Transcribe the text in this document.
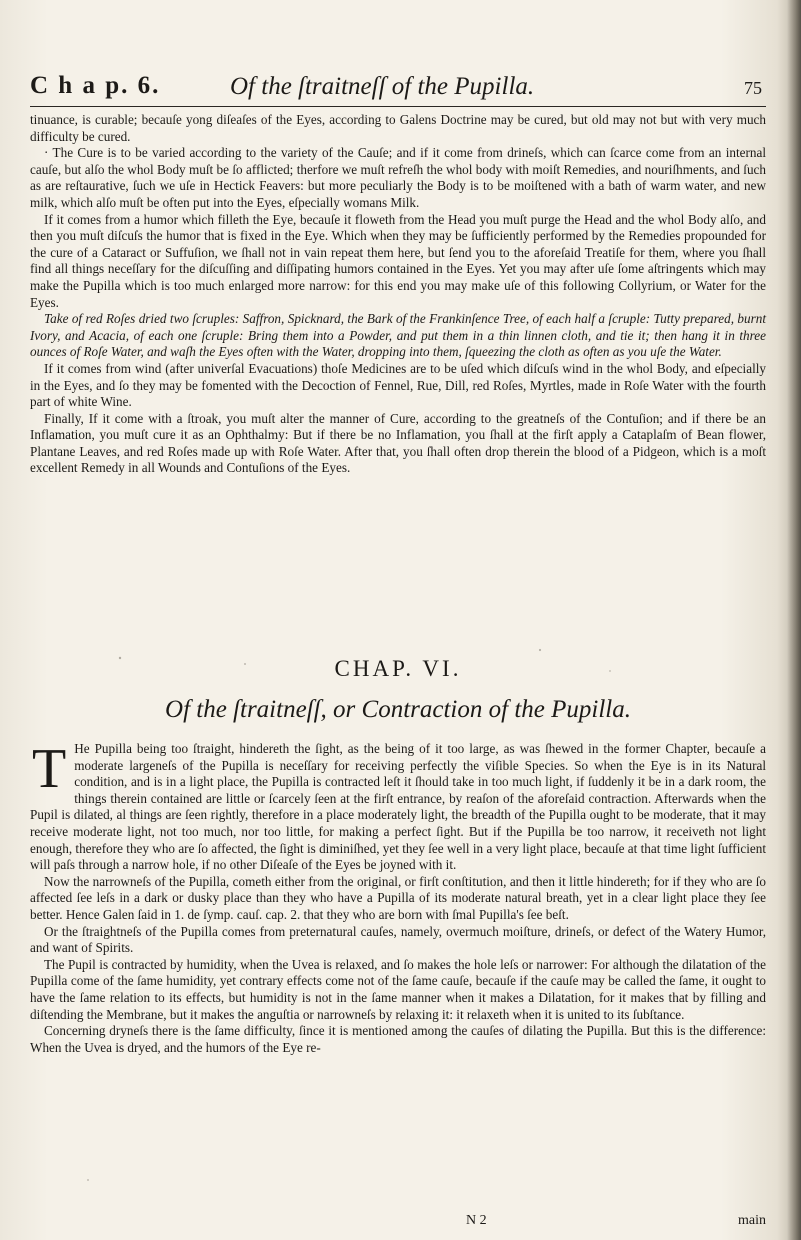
C h a p. 6.	Of the ſtraitneſſ of the Pupilla.	75

tinuance, is curable; becauſe yong diſeaſes of the Eyes, according to Galens Doctrine may be cured, but old may not but with very much difficulty be cured.

· The Cure is to be varied according to the variety of the Cauſe; and if it come from drineſs, which can ſcarce come from an internal cauſe, but alſo the whol Body muſt be ſo afflicted; therfore we muſt refreſh the whol body with moiſt Remedies, and nouriſhments, and ſuch as are reſtaurative, ſuch we uſe in Hectick Feavers: but more peculiarly the Body is to be moiſtened with a bath of warm water, and new milk, which alſo muſt be often put into the Eyes, eſpecially womans Milk.

If it comes from a humor which filleth the Eye, becauſe it floweth from the Head you muſt purge the Head and the whol Body alſo, and then you muſt diſcuſs the humor that is fixed in the Eye. Which when they may be ſufficiently performed by the Remedies propounded for the cure of a Cataract or Suffuſion, we ſhall not in vain repeat them here, but ſend you to the aforeſaid Treatiſe for them, where you ſhall find all things neceſſary for the diſcuſſing and diſſipating humors contained in the Eyes. Yet you may after uſe ſome aſtringents which may make the Pupilla which is too much enlarged more narrow: for this end you may make uſe of this following Collyrium, or Water for the Eyes.

Take of red Roſes dried two ſcruples: Saffron, Spicknard, the Bark of the Frankinſence Tree, of each half a ſcruple: Tutty prepared, burnt Ivory, and Acacia, of each one ſcruple: Bring them into a Powder, and put them in a thin linnen cloth, and tie it; then hang it in three ounces of Roſe Water, and waſh the Eyes often with the Water, dropping into them, ſqueezing the cloth as often as you uſe the Water.

If it comes from wind (after univerſal Evacuations) thoſe Medicines are to be uſed which diſcuſs wind in the whol Body, and eſpecially in the Eyes, and ſo they may be fomented with the Decoction of Fennel, Rue, Dill, red Roſes, Myrtles, made in Roſe Water with the fourth part of white Wine.

Finally, If it come with a ſtroak, you muſt alter the manner of Cure, according to the greatneſs of the Contuſion; and if there be an Inflamation, you muſt cure it as an Ophthalmy: But if there be no Inflamation, you ſhall at the firſt apply a Cataplaſm of Bean flower, Plantane Leaves, and red Roſes made up with Roſe Water. After that, you ſhall often drop therein the blood of a Pidgeon, which is a moſt excellent Remedy in all Wounds and Contuſions of the Eyes.

CHAP. VI.
Of the ſtraitneſſ, or Contraction of the Pupilla.

T He Pupilla being too ſtraight, hindereth the ſight, as the being of it too large, as was ſhewed in the former Chapter, becauſe a moderate largeneſs of the Pupilla is neceſſary for receiving perfectly the viſible Species. So when the Eye is in its Natural condition, and is in a light place, the Pupilla is contracted leſt it ſhould take in too much light, if ſuddenly it be in a dark room, the things therein contained are little or ſcarcely ſeen at the firſt entrance, by reaſon of the aforeſaid contraction. Afterwards when the Pupil is dilated, al things are ſeen rightly, therefore in a place moderately light, the breadth of the Pupilla ought to be moderate, that it may receive moderate light, not too much, nor too little, for making a perfect ſight. But if the Pupilla be too narrow, it receiveth not light enough, therefore they who are ſo affected, the ſight is diminiſhed, yet they ſee well in a very light place, becauſe at that time light ſufficient will paſs through a narrow hole, if no other Diſeaſe of the Eyes be joyned with it.

Now the narrowneſs of the Pupilla, cometh either from the original, or firſt conſtitution, and then it little hindereth; for if they who are ſo affected ſee leſs in a dark or dusky place than they who have a Pupilla of its moderate natural breath, yet in a clear light place they ſee better. Hence Galen ſaid in 1. de ſymp. cauſ. cap. 2. that they who are born with ſmal Pupilla's ſee beſt.

Or the ſtraightneſs of the Pupilla comes from preternatural cauſes, namely, overmuch moiſture, drineſs, or defect of the Watery Humor, and want of Spirits.

The Pupil is contracted by humidity, when the Uvea is relaxed, and ſo makes the hole leſs or narrower: For although the dilatation of the Pupilla come of the ſame humidity, yet contrary effects come not of the ſame cauſe, becauſe if the cauſe may be called the ſame, it ought to have the ſame relation to its effects, but humidity is not in the ſame manner when it makes a Dilatation, for it makes that by filling and diſtending the Membrane, but it makes the anguſtia or narrowneſs by relaxing it: it relaxeth when it is united to its ſubſtance.

Concerning dryneſs there is the ſame difficulty, ſince it is mentioned among the cauſes of dilating the Pupilla. But this is the difference: When the Uvea is dryed, and the humors of the Eye re-

N 2	main
